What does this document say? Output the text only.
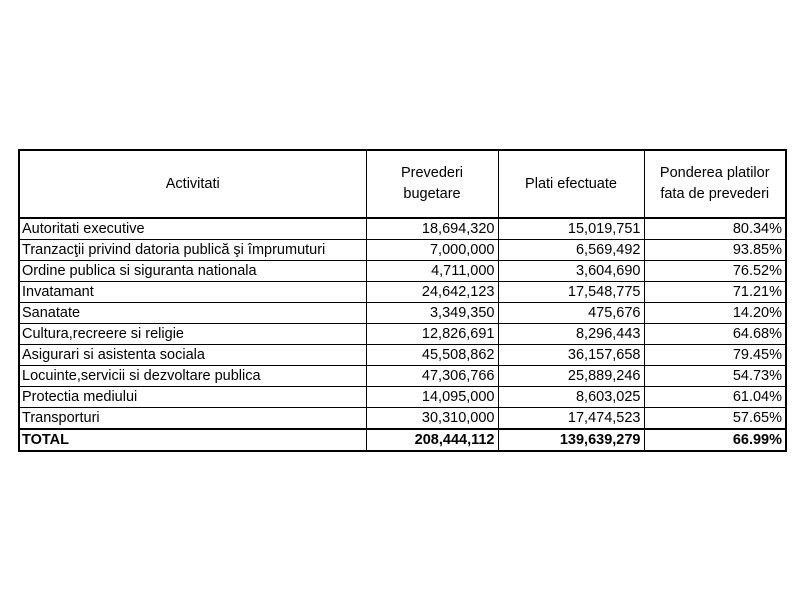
Activitati	Prevederi bugetare	Plati efectuate	Ponderea platilor fata de prevederi
Autoritati executive	18,694,320	15,019,751	80.34%
Tranzacţii privind datoria publică şi împrumuturi	7,000,000	6,569,492	93.85%
Ordine publica si siguranta nationala	4,711,000	3,604,690	76.52%
Invatamant	24,642,123	17,548,775	71.21%
Sanatate	3,349,350	475,676	14.20%
Cultura,recreere si religie	12,826,691	8,296,443	64.68%
Asigurari si asistenta sociala	45,508,862	36,157,658	79.45%
Locuinte,servicii si dezvoltare publica	47,306,766	25,889,246	54.73%
Protectia mediului	14,095,000	8,603,025	61.04%
Transporturi	30,310,000	17,474,523	57.65%
TOTAL	208,444,112	139,639,279	66.99%
